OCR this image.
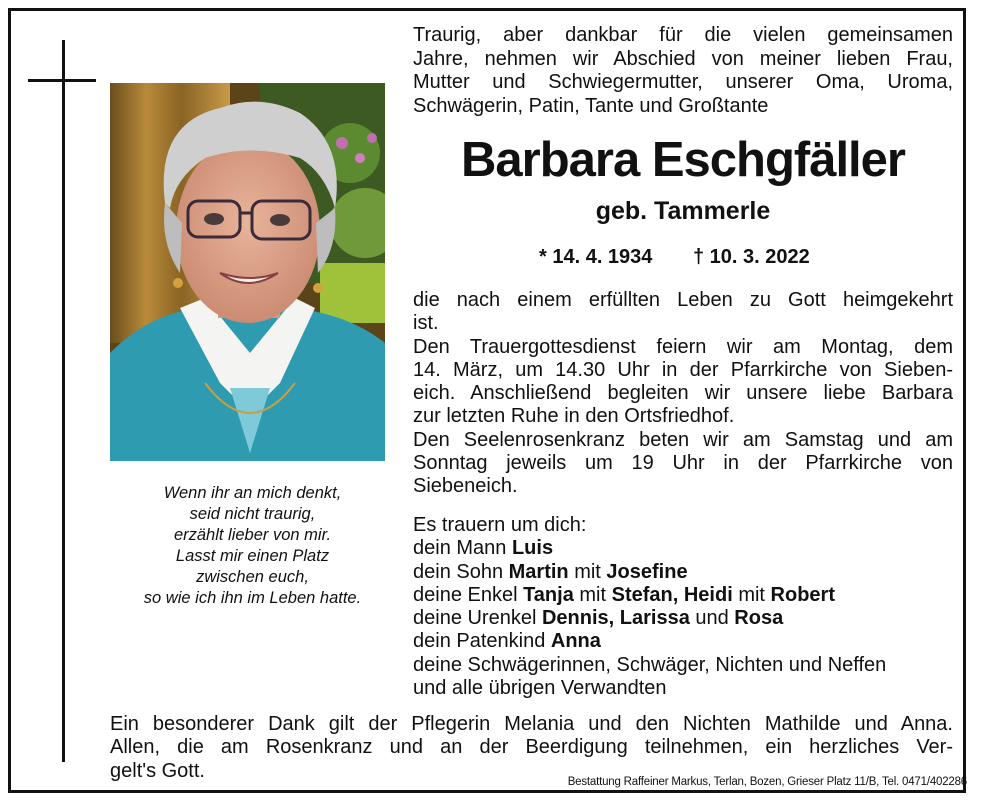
Wenn ihr an mich denkt,
seid nicht traurig,
erzählt lieber von mir.
Lasst mir einen Platz
zwischen euch,
so wie ich ihn im Leben hatte.
Traurig, aber dankbar für die vielen gemeinsamen
Jahre, nehmen wir Abschied von meiner lieben Frau,
Mutter und Schwiegermutter, unserer Oma, Uroma,
Schwägerin, Patin, Tante und Großtante
Barbara Eschgfäller
geb. Tammerle
* 14. 4. 1934 † 10. 3. 2022
die nach einem erfüllten Leben zu Gott heimgekehrt
ist.
Den Trauergottesdienst feiern wir am Montag, dem
14. März, um 14.30 Uhr in der Pfarrkirche von Sieben-
eich. Anschließend begleiten wir unsere liebe Barbara
zur letzten Ruhe in den Ortsfriedhof.
Den Seelenrosenkranz beten wir am Samstag und am
Sonntag jeweils um 19 Uhr in der Pfarrkirche von
Siebeneich.
Es trauern um dich:
dein Mann Luis
dein Sohn Martin mit Josefine
deine Enkel Tanja mit Stefan, Heidi mit Robert
deine Urenkel Dennis, Larissa und Rosa
dein Patenkind Anna
deine Schwägerinnen, Schwäger, Nichten und Neffen
und alle übrigen Verwandten
Ein besonderer Dank gilt der Pflegerin Melania und den Nichten Mathilde und Anna.
Allen, die am Rosenkranz und an der Beerdigung teilnehmen, ein herzliches Ver-
gelt's Gott.
Bestattung Raffeiner Markus, Terlan, Bozen, Grieser Platz 11/B, Tel. 0471/402286
